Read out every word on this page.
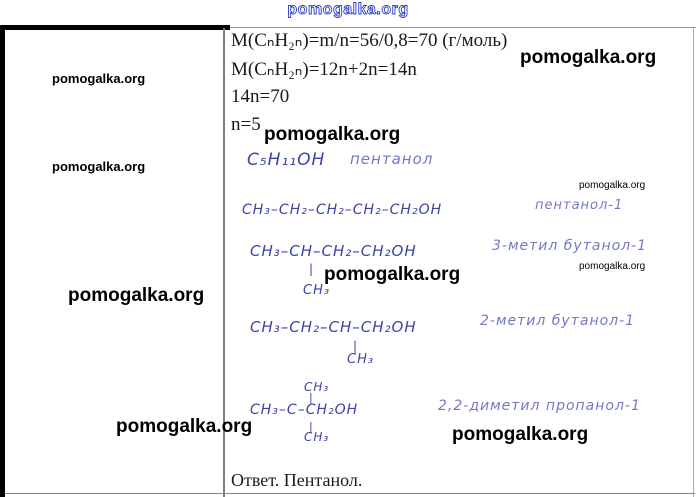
pomogalka.org
M(CₙH₂ₙ)=m/n=56/0,8=70 (г/моль)
M(CₙH₂ₙ)=12n+2n=14n
14n=70
n=5
C₅H₁₁OH пентанол
CH₃–CH₂–CH₂–CH₂–CH₂OH	пентанол-1
CH₃–CH–CH₂–CH₂OH
|
CH₃
3-метил бутанол-1
CH₃–CH₂–CH–CH₂OH
|
CH₃
2-метил бутанол-1
CH₃
|
CH₃–C–CH₂OH
|
CH₃
2,2-диметил пропанол-1
Ответ. Пентанол.
pomogalka.org
pomogalka.org
pomogalka.org
pomogalka.org
pomogalka.org
pomogalka.org
pomogalka.org
pomogalka.org
pomogalka.org	pomogalka.org
